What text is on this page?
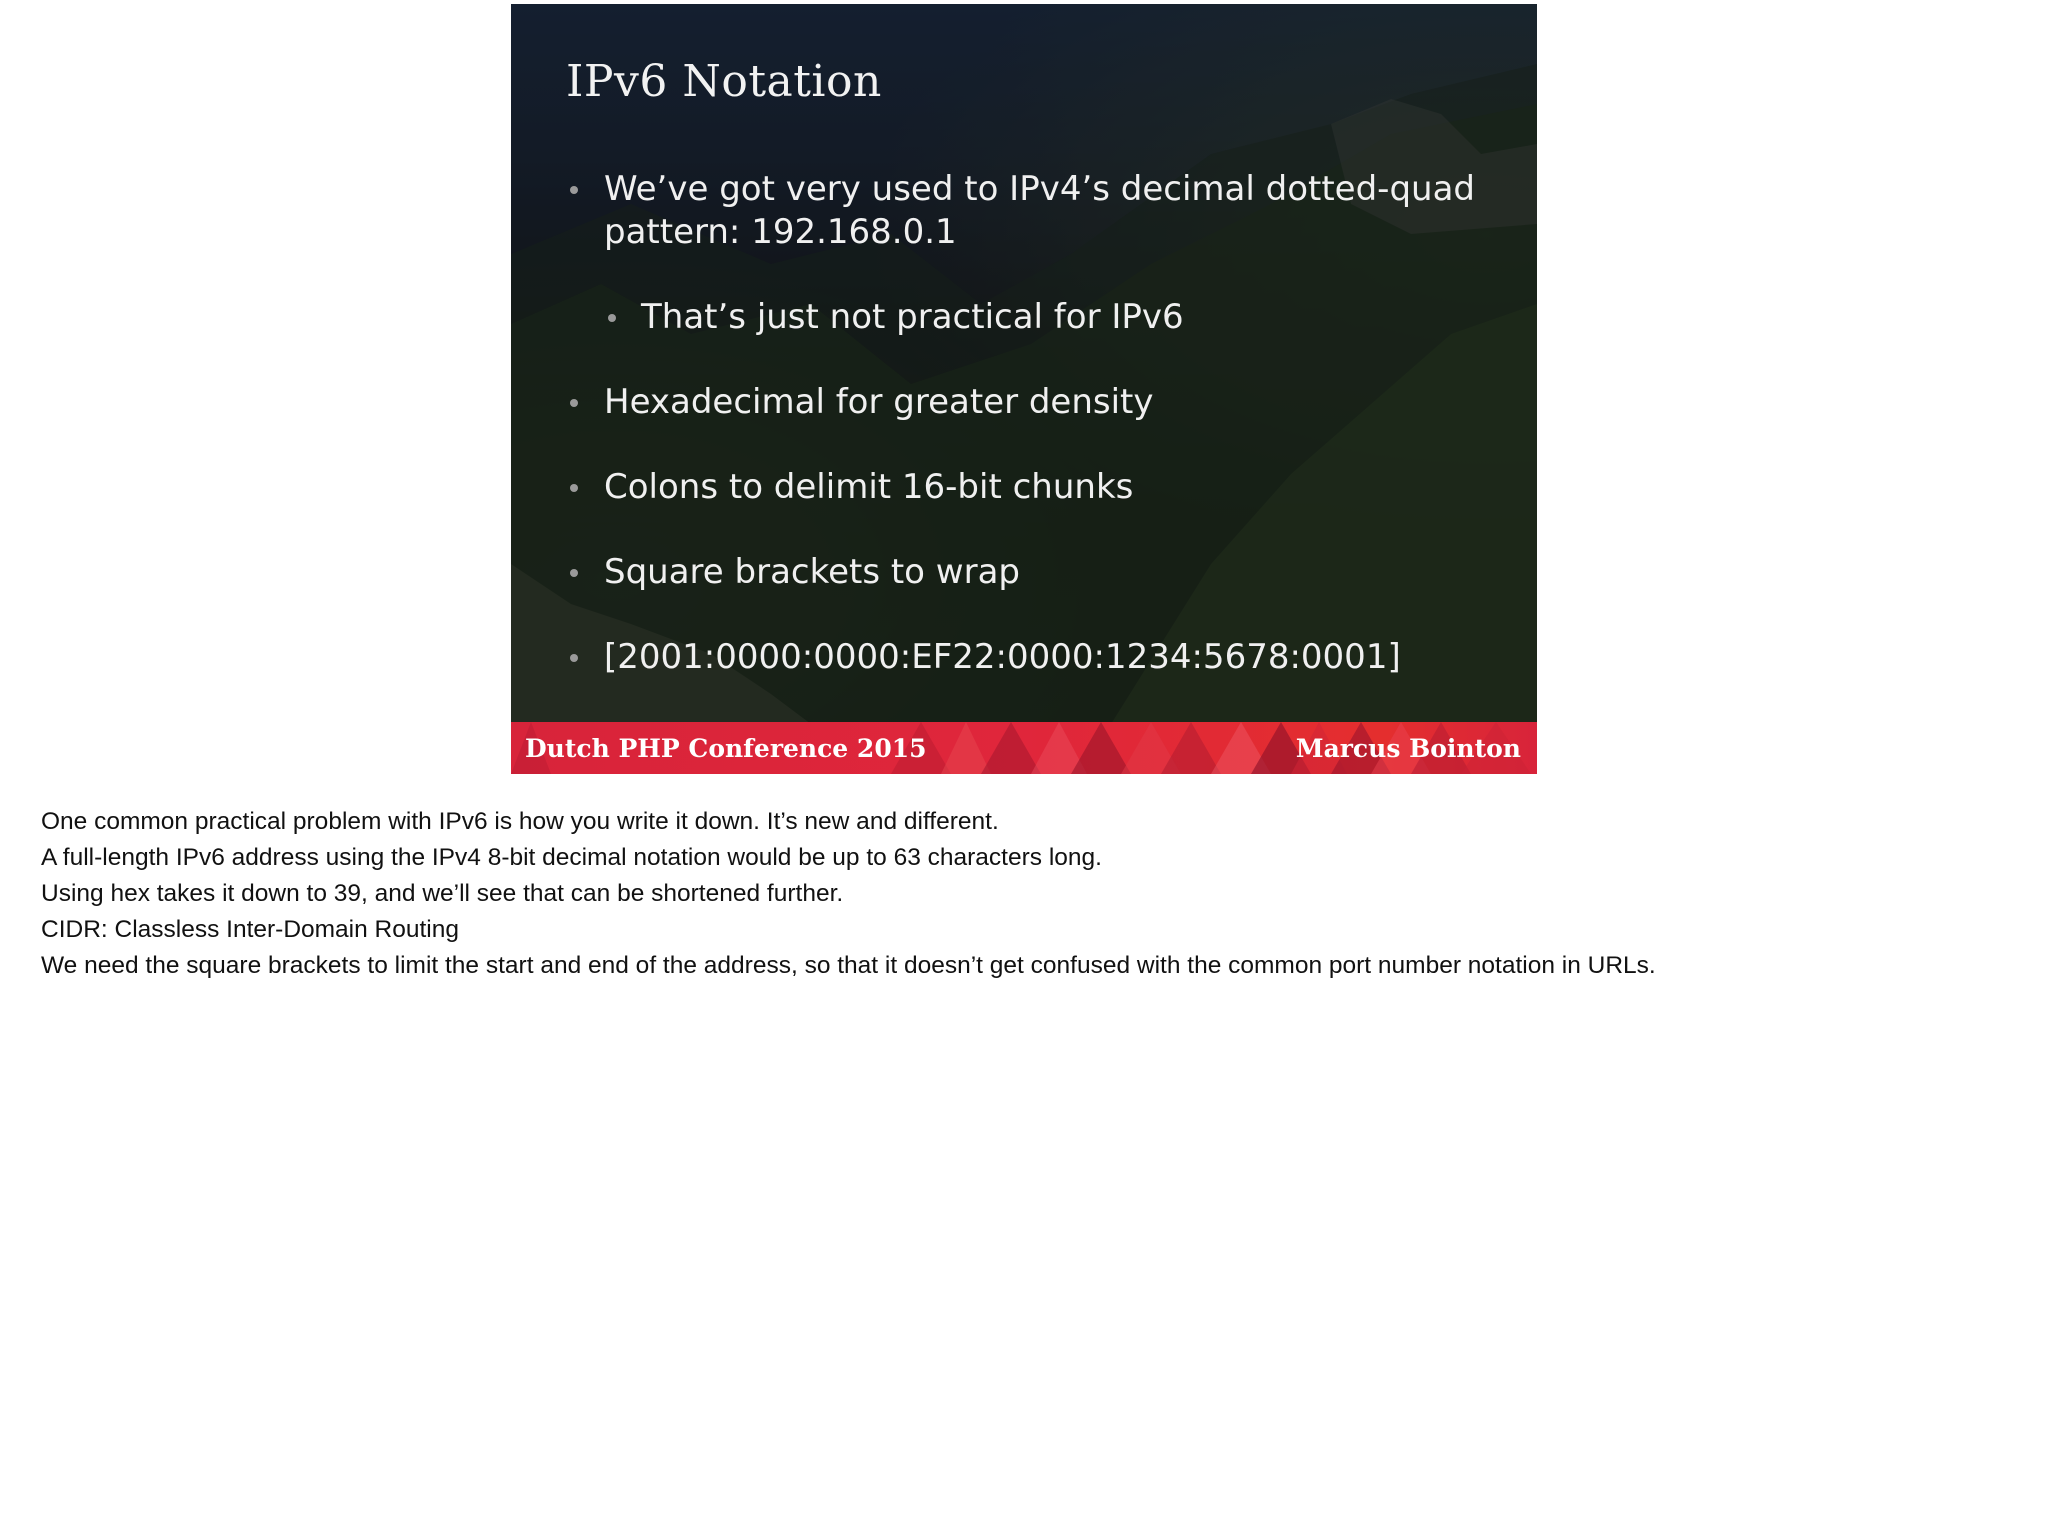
IPv6 Notation
We’ve got very used to IPv4’s decimal dotted-quad pattern: 192.168.0.1
That’s just not practical for IPv6
Hexadecimal for greater density
Colons to delimit 16-bit chunks
Square brackets to wrap
[2001:0000:0000:EF22:0000:1234:5678:0001]
Dutch PHP Conference 2015	Marcus Bointon
One common practical problem with IPv6 is how you write it down. It’s new and different.
A full-length IPv6 address using the IPv4 8-bit decimal notation would be up to 63 characters long.
Using hex takes it down to 39, and we’ll see that can be shortened further.
CIDR: Classless Inter-Domain Routing
We need the square brackets to limit the start and end of the address, so that it doesn’t get confused with the common port number notation in URLs.
